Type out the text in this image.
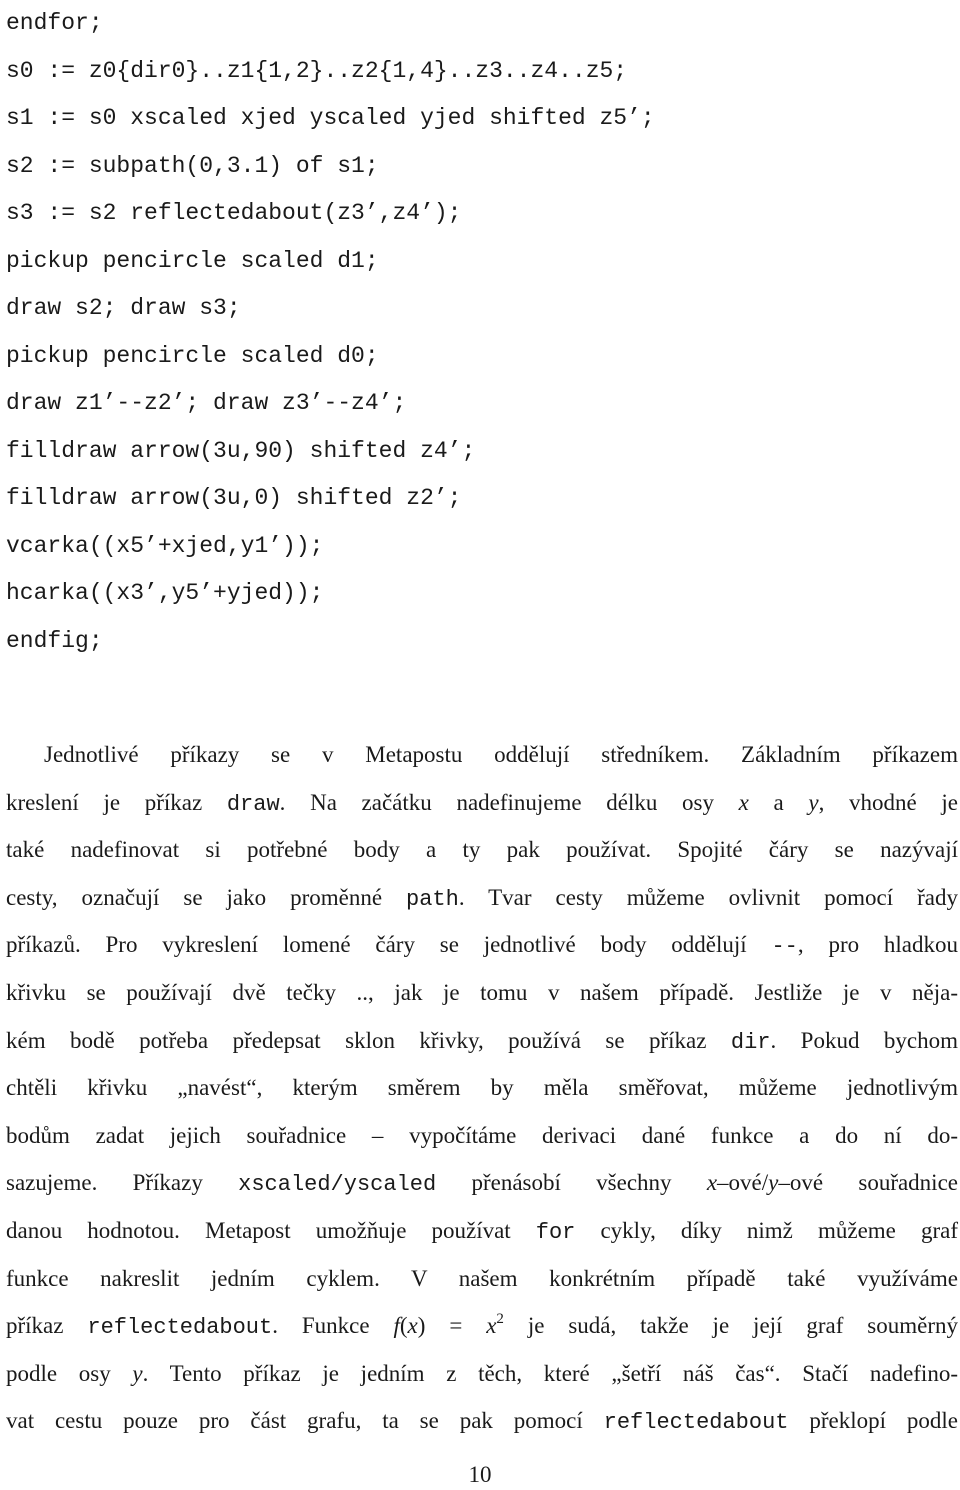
endfor;
s0 := z0{dir0}..z1{1,2}..z2{1,4}..z3..z4..z5;
s1 := s0 xscaled xjed yscaled yjed shifted z5’;
s2 := subpath(0,3.1) of s1;
s3 := s2 reflectedabout(z3’,z4’);
pickup pencircle scaled d1;
draw s2; draw s3;
pickup pencircle scaled d0;
draw z1’--z2’; draw z3’--z4’;
filldraw arrow(3u,90) shifted z4’;
filldraw arrow(3u,0) shifted z2’;
vcarka((x5’+xjed,y1’));
hcarka((x3’,y5’+yjed));
endfig;
Jednotlivé příkazy se v Metapostu oddělují středníkem. Základním příkazem
kreslení je příkaz draw. Na začátku nadefinujeme délku osy x a y, vhodné je
také nadefinovat si potřebné body a ty pak používat. Spojité čáry se nazývají
cesty, označují se jako proměnné path. Tvar cesty můžeme ovlivnit pomocí řady
příkazů. Pro vykreslení lomené čáry se jednotlivé body oddělují --, pro hladkou
křivku se používají dvě tečky .., jak je tomu v našem případě. Jestliže je v něja-
kém bodě potřeba předepsat sklon křivky, používá se příkaz dir. Pokud bychom
chtěli křivku „navést“, kterým směrem by měla směřovat, můžeme jednotlivým
bodům zadat jejich souřadnice – vypočítáme derivaci dané funkce a do ní do-
sazujeme. Příkazy xscaled/yscaled přenásobí všechny x–ové/y–ové souřadnice
danou hodnotou. Metapost umožňuje používat for cykly, díky nimž můžeme graf
funkce nakreslit jedním cyklem. V našem konkrétním případě také využíváme
příkaz reflectedabout. Funkce $f(x) = x^2$ je sudá, takže je její graf souměrný
podle osy y. Tento příkaz je jedním z těch, které „šetří náš čas“. Stačí nadefino-
vat cestu pouze pro část grafu, ta se pak pomocí reflectedabout překlopí podle
10
